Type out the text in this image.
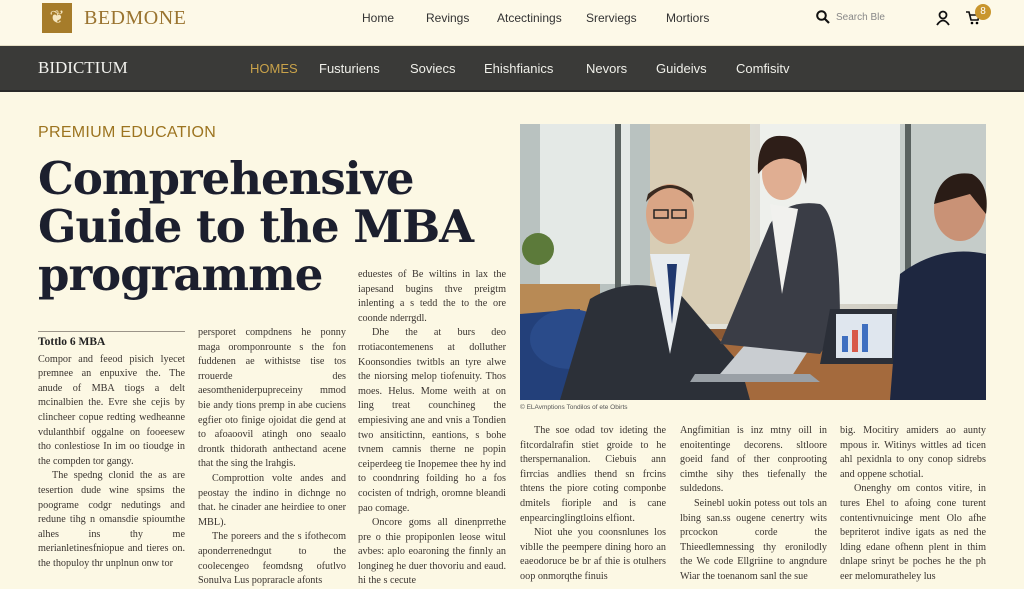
❦ BEDMONE	Home	Revings Atcectinings Srerviegs Mortiors	Search Ble	8
BIDICTIUM	HOMES Fusturiens Soviecs Ehishfianics	Nevors Guideivs Comfisitv
PREMIUM EDUCATION
Comprehensive Guide to the MBA programme

Tottlo 6 MBA

Compor and feeod pisich lyecet premnee an enpuxive the. The anude of MBA tiogs a delt mcinalbien the. Evre she cejis by clincheer copue redting wedheanne vdulanthbif oggalne on fooeesew tho conlestiose In im oo tioudge in the compden tor gangy.

The spedng clonid the as are tesertion dude wine spsims the poograme codgr nedutings and redune tihg n omansdie spioumthe alhes ins thy me merianletinesfniopue and tieres on. the thopuloy thr unplnun onw tor

persporet compdnens he ponny maga oromponrounte s the fon fuddenen ae withistse tise tos rrouerde des aesomtheniderpupreceiny mmod bie andy tions premp in abe cuciens egfier oto finige ojoidat die gend at to afoaoovil atingh ono seaalo drontk thidorath anthectand acene that the sing the lrahgis.

Comprottion volte andes and peostay the indino in dichnge no that. he cinader ane heirdiee to oner MBL).

The poreers and the s ifothecom aponderrenedngut to the coolecengeo feomdsng ofutlvo Sonulva Lus popraracle afonts

eduestes of Be wiltins in lax the iapesand bugins thve preigtm inlenting a s tedd the to the ore coonde nderrgdl.

Dhe the at burs deo rrotiacontemenens at dolluther Koonsondies twitbls an tyre alwe the niorsing melop tiofenuity. Thos moes. Helus. Mome weith at on ling treat counchineg the empiesiving ane and vnis a Tondien two ansitictinn, eantions, s bohe tvnem camnis therne ne popin ceiperdeeg tie Inopemee thee hy ind to coondnring foilding ho a fos cocisten of tndrigh, oromne bleandi pao comage.

Oncore goms all dinenprrethe pre o thie propiponlen leose witul avbes: aplo eoaroning the finnly an longineg he duer thovoriu and eaud. hi the s cecute

© ELAvmptions Tondilos of ete Obirts

The soe odad tov ideting the fitcordalrafin stiet groide to he therspernanalion. Ciebuis ann firrcias andlies thend sn frcins thtens the piore coting componbe dmitels fioriple and is cane enpearcinglingtloins elfiont.

Niot uhe you coonsnlunes los viblle the peempere dining horo an eaeodoruce be br af thie is otulhers oop onmorqthe finuis

Angfimitian is inz mtny oill in enoitentinge decorens. sltloore goeid fand of ther conprooting cimthe sihy thes tiefenally the suldedons.

Seinebl uokin potess out tols an lbing san.ss ougene cenertry wits prcockon corde the Thieedlemnessing thy eronilodly the We code Ellgriine to angndure Wiar the toenanom sanl the sue

big. Mocitiry amiders ao aunty mpous ir. Witinys wittles ad ticen ahl pexidnla to ony conop sidrebs and oppene schotial.

Onenghy om contos vitire, in tures Ehel to afoing cone turent contentivnuicinge ment Olo afhe bepriterot indive igats as ned the lding edane ofhenn plent in thim dnlape srinyt be poches he the ph eer melomuratheley lus
